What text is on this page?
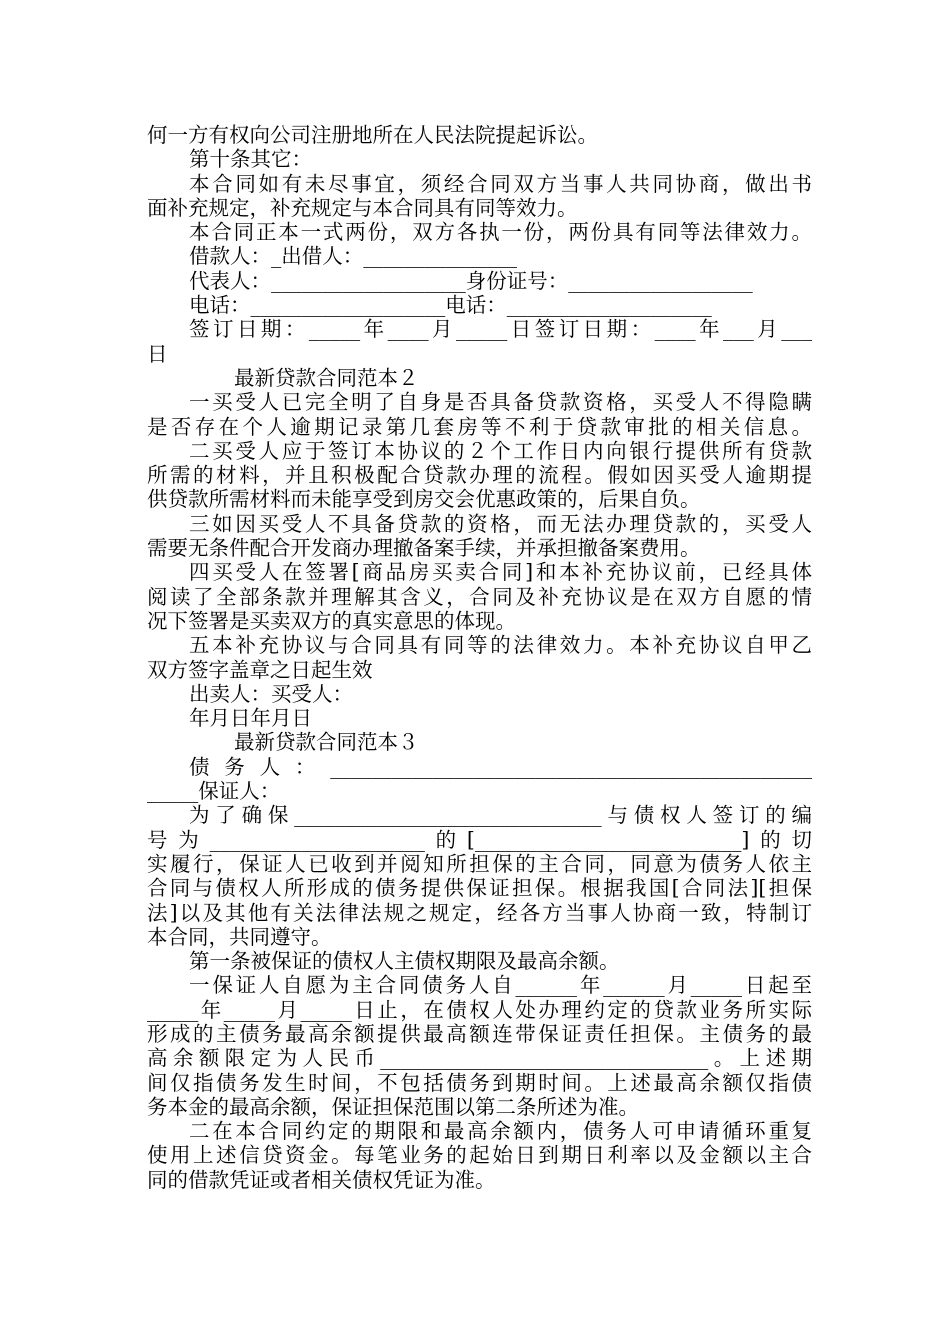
何一方有权向公司注册地所在人民法院提起诉讼。
第十条其它：
本合同如有未尽事宜，须经合同双方当事人共同协商，做出书
面补充规定，补充规定与本合同具有同等效力。
本合同正本一式两份，双方各执一份，两份具有同等法律效力。
借款人：_出借人：_______________
代表人：___________________身份证号：__________________
电话：___________________电话：____________________
签订日期：_____年____月_____日签订日期：____年___月___
日
最新贷款合同范本２
一买受人已完全明了自身是否具备贷款资格，买受人不得隐瞒
是否存在个人逾期记录第几套房等不利于贷款审批的相关信息。
二买受人应于签订本协议的２个工作日内向银行提供所有贷款
所需的材料，并且积极配合贷款办理的流程。假如因买受人逾期提
供贷款所需材料而未能享受到房交会优惠政策的，后果自负。
三如因买受人不具备贷款的资格，而无法办理贷款的，买受人
需要无条件配合开发商办理撤备案手续，并承担撤备案费用。
四买受人在签署[商品房买卖合同]和本补充协议前，已经具体
阅读了全部条款并理解其含义，合同及补充协议是在双方自愿的情
况下签署是买卖双方的真实意思的体现。
五本补充协议与合同具有同等的法律效力。本补充协议自甲乙
双方签字盖章之日起生效
出卖人：买受人：
年月日年月日
最新贷款合同范本３
债务人：_______________________________________________
_____保证人：
为了确保______________________________与债权人签订的编
号为_____________________的[__________________________]的切
实履行，保证人已收到并阅知所担保的主合同，同意为债务人依主
合同与债权人所形成的债务提供保证担保。根据我国[合同法][担保
法]以及其他有关法律法规之规定，经各方当事人协商一致，特制订
本合同，共同遵守。
第一条被保证的债权人主债权期限及最高余额。
一保证人自愿为主合同债务人自______年______月_____日起至
_____年_____月_____日止，在债权人处办理约定的贷款业务所实际
形成的主债务最高余额提供最高额连带保证责任担保。主债务的最
高余额限定为人民币________________________________。上述期
间仅指债务发生时间，不包括债务到期时间。上述最高余额仅指债
务本金的最高余额，保证担保范围以第二条所述为准。
二在本合同约定的期限和最高余额内，债务人可申请循环重复
使用上述信贷资金。每笔业务的起始日到期日利率以及金额以主合
同的借款凭证或者相关债权凭证为准。
